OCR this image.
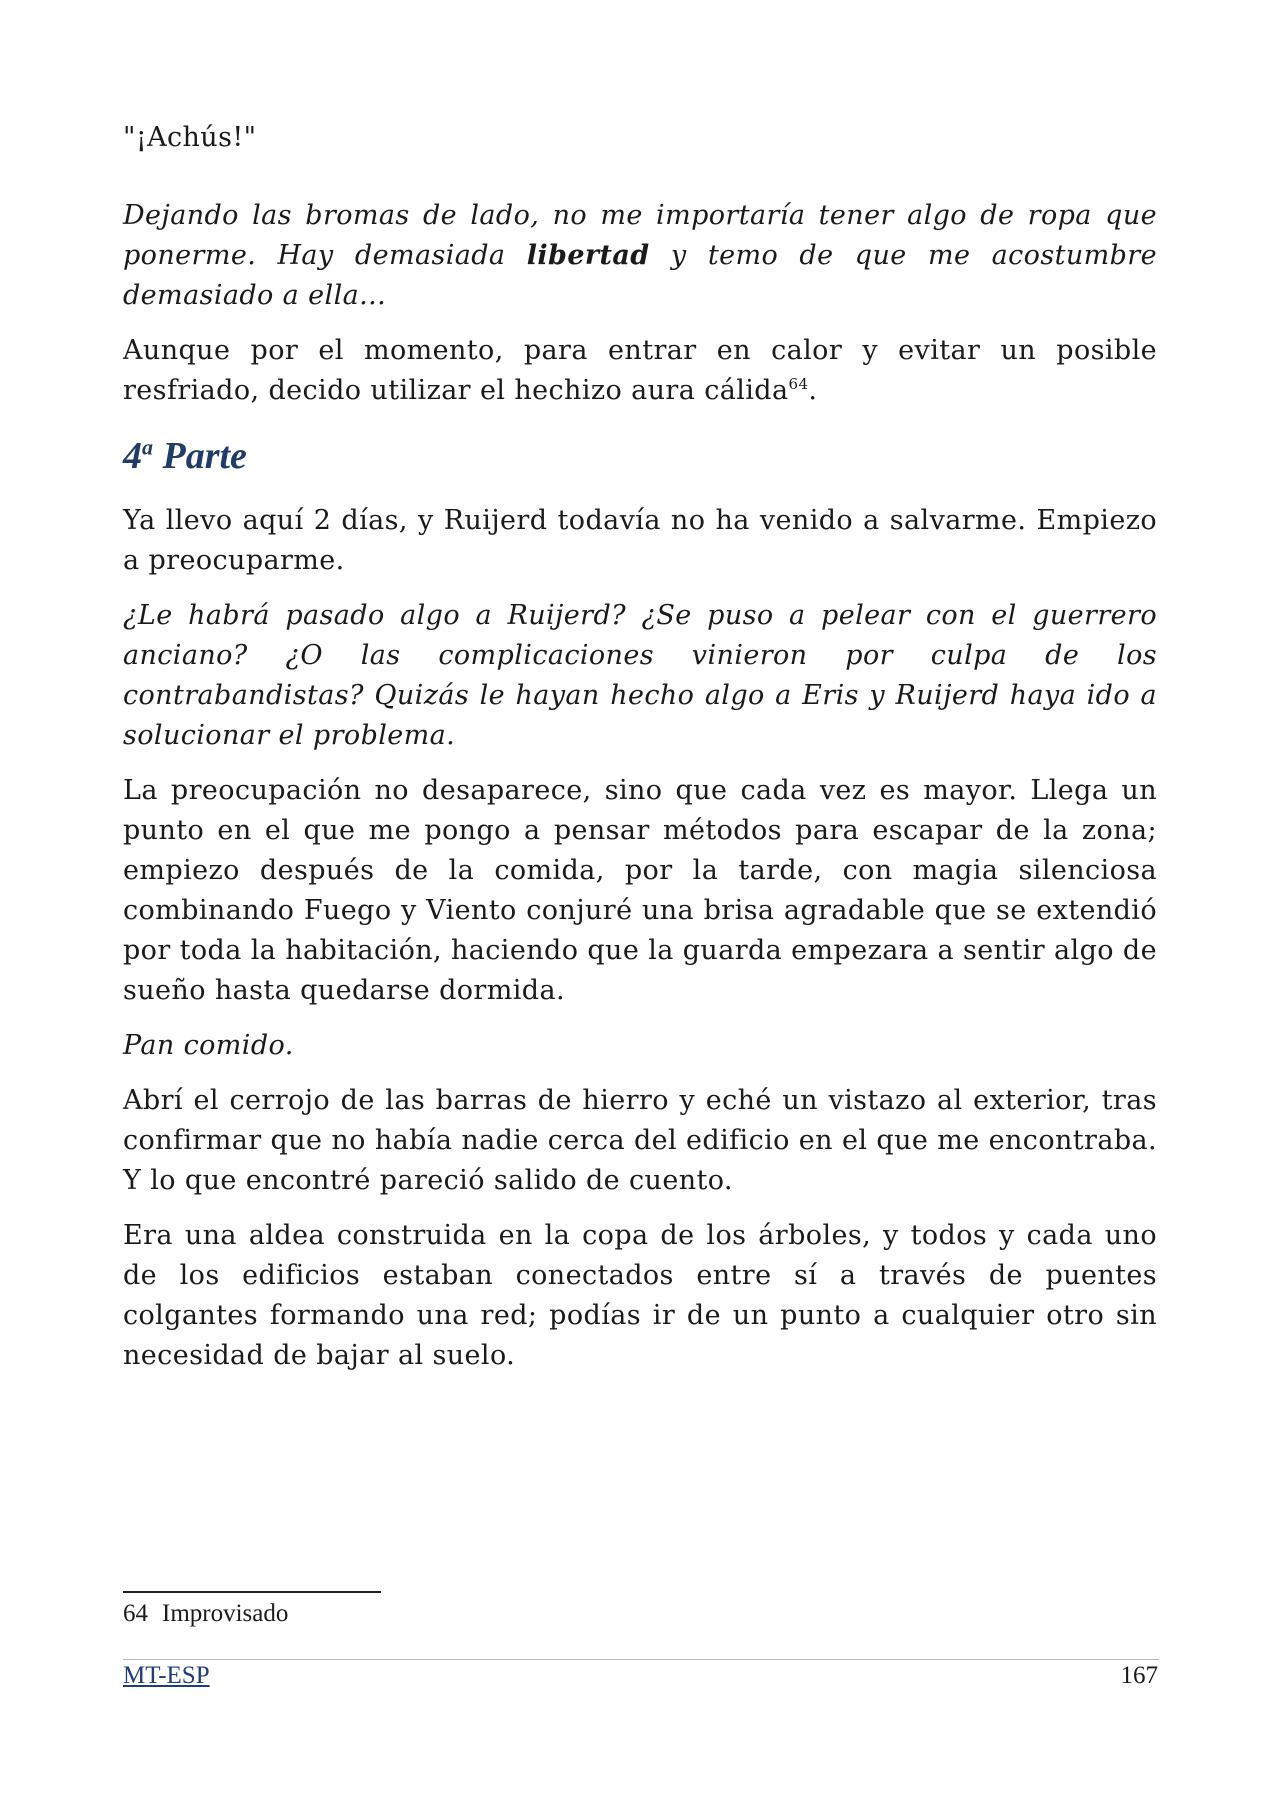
"¡Achús!"

Dejando las bromas de lado, no me importaría tener algo de ropa que ponerme. Hay demasiada libertad y temo de que me acostumbre demasiado a ella...

Aunque por el momento, para entrar en calor y evitar un posible resfriado, decido utilizar el hechizo aura cálida$^{64}$.

4$^a$ Parte

Ya llevo aquí 2 días, y Ruijerd todavía no ha venido a salvarme. Empiezo a preocuparme.

¿Le habrá pasado algo a Ruijerd? ¿Se puso a pelear con el guerrero anciano? ¿O las complicaciones vinieron por culpa de los contrabandistas? Quizás le hayan hecho algo a Eris y Ruijerd haya ido a solucionar el problema.

La preocupación no desaparece, sino que cada vez es mayor. Llega un punto en el que me pongo a pensar métodos para escapar de la zona; empiezo después de la comida, por la tarde, con magia silenciosa combinando Fuego y Viento conjuré una brisa agradable que se extendió por toda la habitación, haciendo que la guarda empezara a sentir algo de sueño hasta quedarse dormida.

Pan comido.

Abrí el cerrojo de las barras de hierro y eché un vistazo al exterior, tras confirmar que no había nadie cerca del edificio en el que me encontraba. Y lo que encontré pareció salido de cuento.

Era una aldea construida en la copa de los árboles, y todos y cada uno de los edificios estaban conectados entre sí a través de puentes colgantes formando una red; podías ir de un punto a cualquier otro sin necesidad de bajar al suelo.

64 Improvisado
MT-ESP	167
